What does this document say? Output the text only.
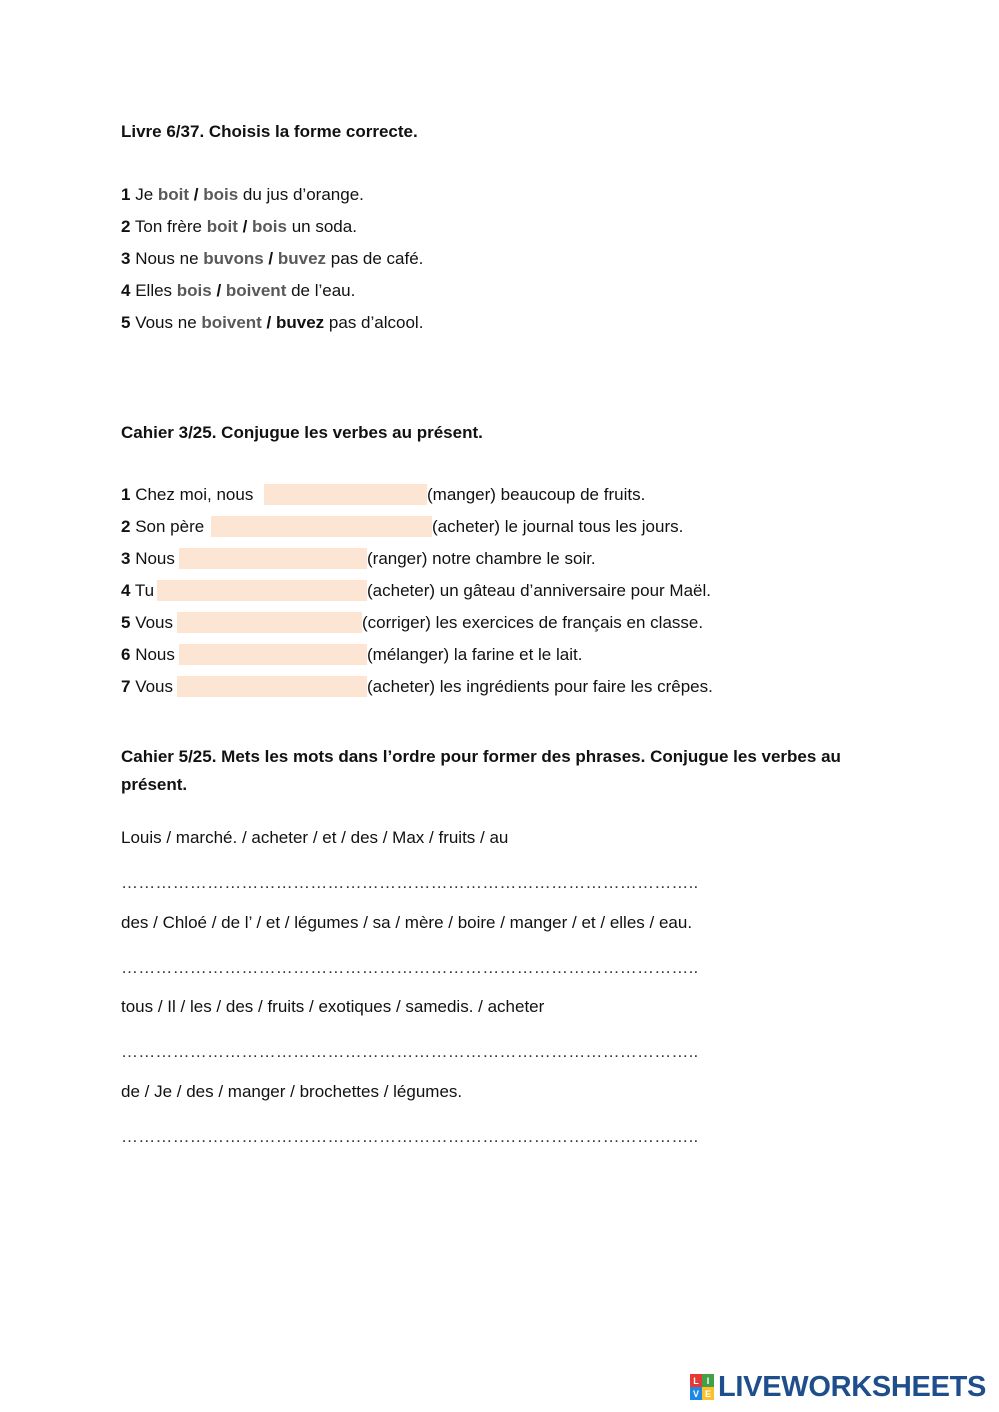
Livre 6/37. Choisis la forme correcte.
1 Je boit / bois du jus d’orange.
2 Ton frère boit / bois un soda.
3 Nous ne buvons / buvez pas de café.
4 Elles bois / boivent de l’eau.
5 Vous ne boivent / buvez pas d’alcool.
Cahier 3/25. Conjugue les verbes au présent.
1 Chez moi, nous	(manger) beaucoup de fruits.
2 Son père	(acheter) le journal tous les jours.
3 Nous	(ranger) notre chambre le soir.
4 Tu	(acheter) un gâteau d’anniversaire pour Maël.
5 Vous	(corriger) les exercices de français en classe.
6 Nous	(mélanger) la farine et le lait.
7 Vous	(acheter) les ingrédients pour faire les crêpes.
Cahier 5/25. Mets les mots dans l’ordre pour former des phrases. Conjugue les verbes au présent.
Louis / marché. / acheter / et / des / Max / fruits / au
………………………………………………………………………………………..
des / Chloé / de l’ / et / légumes / sa / mère / boire / manger / et / elles / eau.
………………………………………………………………………………………..
tous / Il / les / des / fruits / exotiques / samedis. / acheter
………………………………………………………………………………………..
de / Je / des / manger / brochettes / légumes.
………………………………………………………………………………………..
L I
V E LIVEWORKSHEETS
